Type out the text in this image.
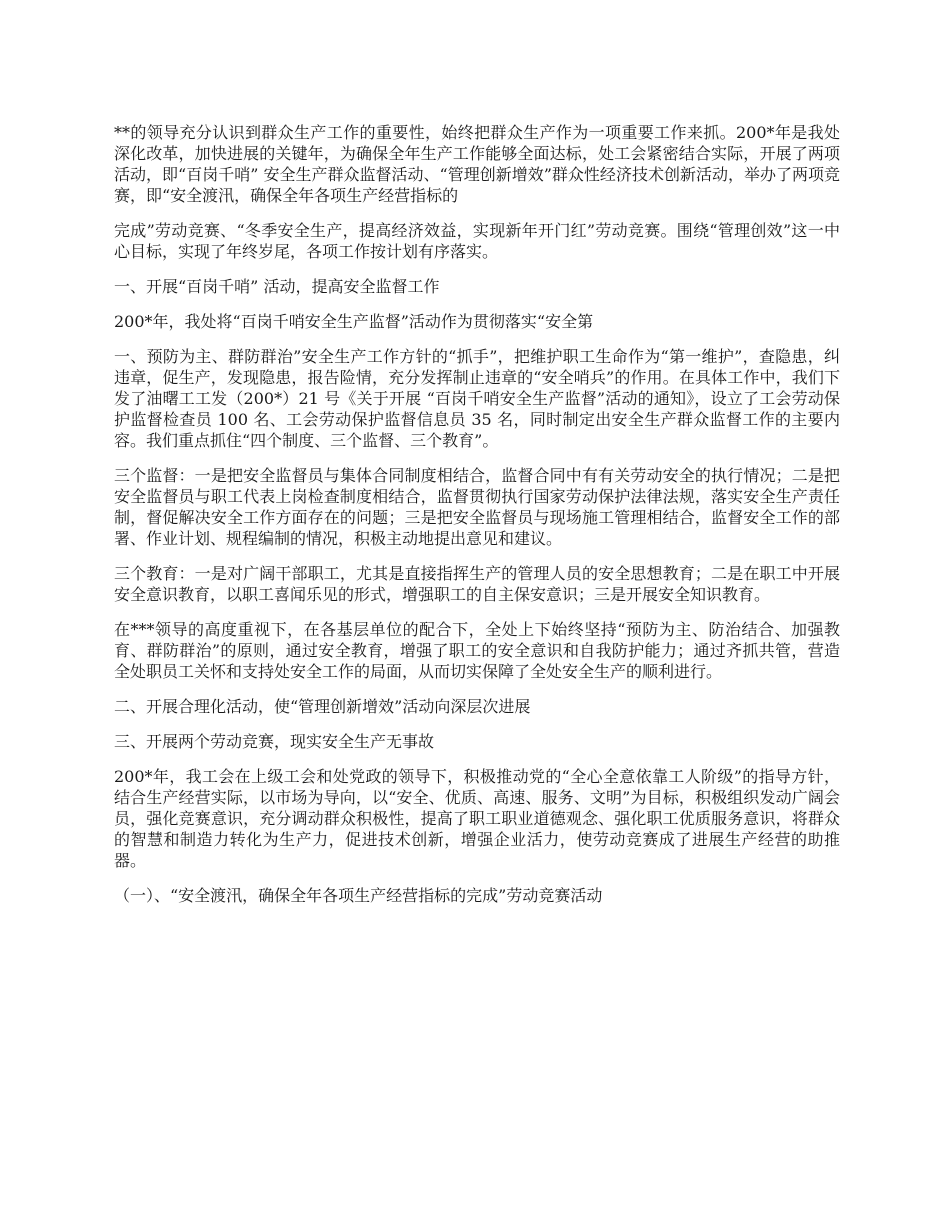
**的领导充分认识到群众生产工作的重要性，始终把群众生产作为一项重要工作来抓。200*年是我处深化改革，加快进展的关键年，为确保全年生产工作能够全面达标，处工会紧密结合实际，开展了两项活动，即“百岗千哨” 安全生产群众监督活动、“管理创新增效”群众性经济技术创新活动，举办了两项竞赛，即“安全渡汛，确保全年各项生产经营指标的

完成”劳动竞赛、“冬季安全生产，提高经济效益，实现新年开门红”劳动竞赛。围绕“管理创效”这一中心目标，实现了年终岁尾，各项工作按计划有序落实。

一、开展“百岗千哨” 活动，提高安全监督工作

200*年，我处将“百岗千哨安全生产监督”活动作为贯彻落实“安全第

一、预防为主、群防群治”安全生产工作方针的“抓手”，把维护职工生命作为“第一维护”，查隐患，纠违章，促生产，发现隐患，报告险情，充分发挥制止违章的“安全哨兵”的作用。在具体工作中，我们下发了油曙工工发（200*）21 号《关于开展 “百岗千哨安全生产监督”活动的通知》，设立了工会劳动保护监督检查员 100 名、工会劳动保护监督信息员 35 名，同时制定出安全生产群众监督工作的主要内容。我们重点抓住“四个制度、三个监督、三个教育”。

三个监督：一是把安全监督员与集体合同制度相结合，监督合同中有有关劳动安全的执行情况；二是把安全监督员与职工代表上岗检查制度相结合，监督贯彻执行国家劳动保护法律法规，落实安全生产责任制，督促解决安全工作方面存在的问题；三是把安全监督员与现场施工管理相结合，监督安全工作的部署、作业计划、规程编制的情况，积极主动地提出意见和建议。

三个教育：一是对广阔干部职工，尤其是直接指挥生产的管理人员的安全思想教育；二是在职工中开展安全意识教育，以职工喜闻乐见的形式，增强职工的自主保安意识；三是开展安全知识教育。

在***领导的高度重视下，在各基层单位的配合下，全处上下始终坚持“预防为主、防治结合、加强教育、群防群治”的原则，通过安全教育，增强了职工的安全意识和自我防护能力；通过齐抓共管，营造全处职员工关怀和支持处安全工作的局面，从而切实保障了全处安全生产的顺利进行。

二、开展合理化活动，使“管理创新增效”活动向深层次进展

三、开展两个劳动竞赛，现实安全生产无事故

200*年，我工会在上级工会和处党政的领导下，积极推动党的“全心全意依靠工人阶级”的指导方针，结合生产经营实际，以市场为导向，以“安全、优质、高速、服务、文明”为目标，积极组织发动广阔会员，强化竞赛意识，充分调动群众积极性，提高了职工职业道德观念、强化职工优质服务意识，将群众的智慧和制造力转化为生产力，促进技术创新，增强企业活力，使劳动竞赛成了进展生产经营的助推器。

（一）、“安全渡汛，确保全年各项生产经营指标的完成”劳动竞赛活动
